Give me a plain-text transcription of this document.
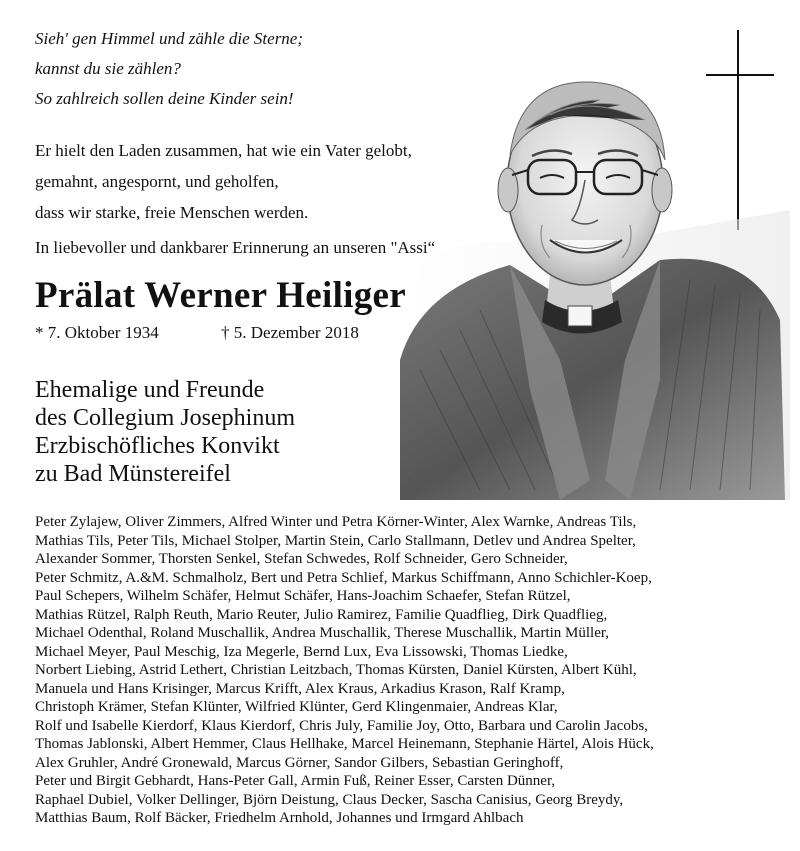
Sieh' gen Himmel und zähle die Sterne;
kannst du sie zählen?
So zahlreich sollen deine Kinder sein!
Er hielt den Laden zusammen, hat wie ein Vater gelobt,
gemahnt, angespornt, und geholfen,
dass wir starke, freie Menschen werden.
In liebevoller und dankbarer Erinnerung an unseren "Assi“
Prälat Werner Heiliger
* 7. Oktober 1934	† 5. Dezember 2018
Ehemalige und Freunde
des Collegium Josephinum
Erzbischöfliches Konvikt
zu Bad Münstereifel
Peter Zylajew, Oliver Zimmers, Alfred Winter und Petra Körner-Winter, Alex Warnke, Andreas Tils,
Mathias Tils, Peter Tils, Michael Stolper, Martin Stein, Carlo Stallmann, Detlev und Andrea Spelter,
Alexander Sommer, Thorsten Senkel, Stefan Schwedes, Rolf Schneider, Gero Schneider,
Peter Schmitz, A.&M. Schmalholz, Bert und Petra Schlief, Markus Schiffmann, Anno Schichler-Koep,
Paul Schepers, Wilhelm Schäfer, Helmut Schäfer, Hans-Joachim Schaefer, Stefan Rützel,
Mathias Rützel, Ralph Reuth, Mario Reuter, Julio Ramirez, Familie Quadflieg, Dirk Quadflieg,
Michael Odenthal, Roland Muschallik, Andrea Muschallik, Therese Muschallik, Martin Müller,
Michael Meyer, Paul Meschig, Iza Megerle, Bernd Lux, Eva Lissowski, Thomas Liedke,
Norbert Liebing, Astrid Lethert, Christian Leitzbach, Thomas Kürsten, Daniel Kürsten, Albert Kühl,
Manuela und Hans Krisinger, Marcus Krifft, Alex Kraus, Arkadius Krason, Ralf Kramp,
Christoph Krämer, Stefan Klünter, Wilfried Klünter, Gerd Klingenmaier, Andreas Klar,
Rolf und Isabelle Kierdorf, Klaus Kierdorf, Chris July, Familie Joy, Otto, Barbara und Carolin Jacobs,
Thomas Jablonski, Albert Hemmer, Claus Hellhake, Marcel Heinemann, Stephanie Härtel, Alois Hück,
Alex Gruhler, André Gronewald, Marcus Görner, Sandor Gilbers, Sebastian Geringhoff,
Peter und Birgit Gebhardt, Hans-Peter Gall, Armin Fuß, Reiner Esser, Carsten Dünner,
Raphael Dubiel, Volker Dellinger, Björn Deistung, Claus Decker, Sascha Canisius, Georg Breydy,
Matthias Baum, Rolf Bäcker, Friedhelm Arnhold, Johannes und Irmgard Ahlbach
